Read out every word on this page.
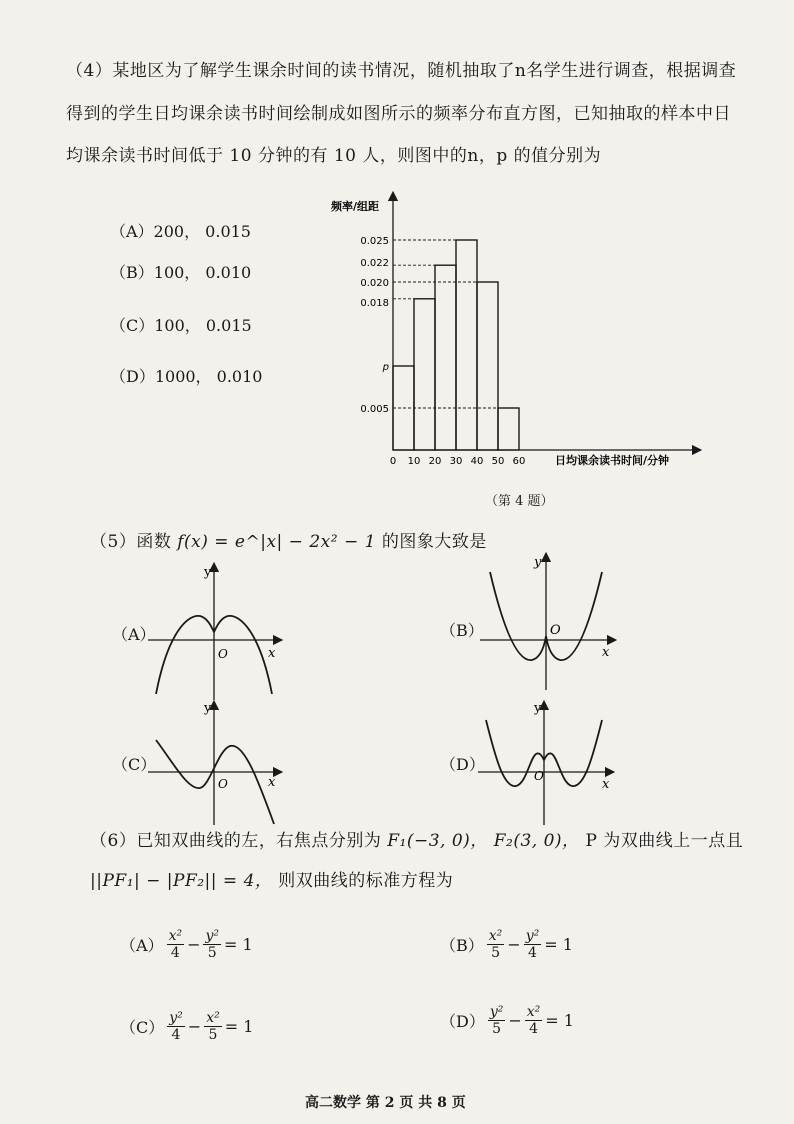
（4）某地区为了解学生课余时间的读书情况，随机抽取了n名学生进行调查，根据调查
得到的学生日均课余读书时间绘制成如图所示的频率分布直方图，已知抽取的样本中日
均课余读书时间低于 10 分钟的有 10 人，则图中的n，p 的值分别为
（A）200， 0.015
（B）100， 0.010
（C）100， 0.015
（D）1000， 0.010
频率/组距
日均课余读书时间/分钟
0.025
0.022
0.020
0.018
p
0.005
0 10 20 30 40 50 60
（第 4 题）
（5）函数 f(x) = e^|x| − 2x² − 1 的图象大致是
（A）
y
x
O
（B）
y
x
O
（C）
y
x
O
（D）
y
x
O
（6）已知双曲线的左，右焦点分别为 F₁(−3, 0)， F₂(3, 0)， P 为双曲线上一点且
||PF₁| − |PF₂|| = 4， 则双曲线的标准方程为
$(A) \frac{\text{x²}}{4} - \frac{\text{y²}}{5} = 1$	$(B) \frac{\text{x²}}{5} - \frac{\text{y²}}{4} = 1$
$(C) \frac{\text{y²}}{4} - \frac{\text{x²}}{5} = 1$	$(D) \frac{\text{y²}}{5} - \frac{\text{x²}}{4} = 1$
高二数学 第 2 页 共 8 页
